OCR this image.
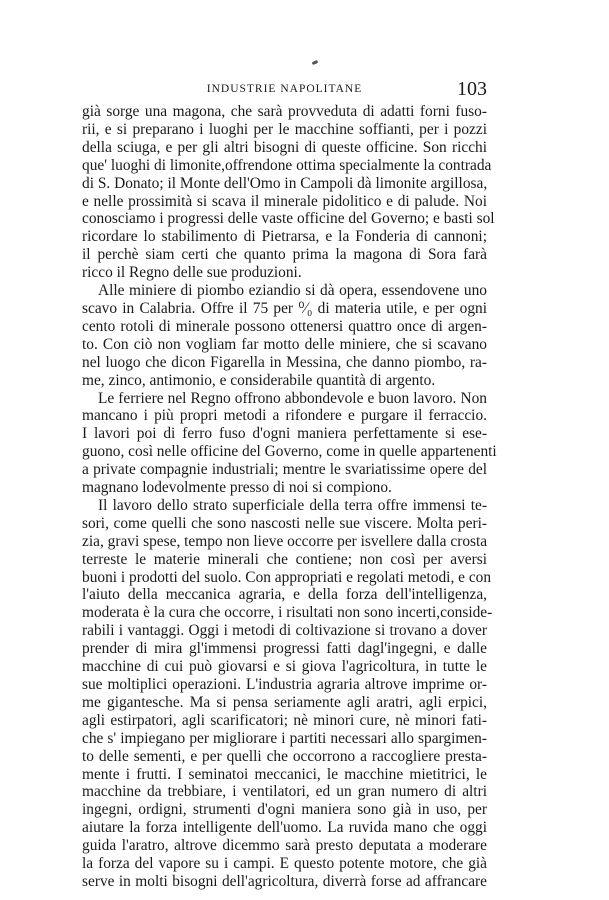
INDUSTRIE NAPOLITANE	103
già sorge una magona, che sarà provveduta di adatti forni fuso-
rii, e si preparano i luoghi per le macchine soffianti, per i pozzi
della sciuga, e per gli altri bisogni di queste officine. Son ricchi
que' luoghi di limonite,offrendone ottima specialmente la contrada
di S. Donato; il Monte dell'Omo in Campoli dà limonite argillosa,
e nelle prossimità si scava il minerale pidolitico e di palude. Noi
conosciamo i progressi delle vaste officine del Governo; e basti sol
ricordare lo stabilimento di Pietrarsa, e la Fonderia di cannoni;
il perchè siam certi che quanto prima la magona di Sora farà
ricco il Regno delle sue produzioni.
Alle miniere di piombo eziandio si dà opera, essendovene uno
scavo in Calabria. Offre il 75 per ⁰⁄₀ di materia utile, e per ogni
cento rotoli di minerale possono ottenersi quattro once di argen-
to. Con ciò non vogliam far motto delle miniere, che si scavano
nel luogo che dicon Figarella in Messina, che danno piombo, ra-
me, zinco, antimonio, e considerabile quantità di argento.
Le ferriere nel Regno offrono abbondevole e buon lavoro. Non
mancano i più propri metodi a rifondere e purgare il ferraccio.
I lavori poi di ferro fuso d'ogni maniera perfettamente si ese-
guono, così nelle officine del Governo, come in quelle appartenenti
a private compagnie industriali; mentre le svariatissime opere del
magnano lodevolmente presso di noi si compiono.
Il lavoro dello strato superficiale della terra offre immensi te-
sori, come quelli che sono nascosti nelle sue viscere. Molta peri-
zia, gravi spese, tempo non lieve occorre per isvellere dalla crosta
terreste le materie minerali che contiene; non così per aversi
buoni i prodotti del suolo. Con appropriati e regolati metodi, e con
l'aiuto della meccanica agraria, e della forza dell'intelligenza,
moderata è la cura che occorre, i risultati non sono incerti,conside-
rabili i vantaggi. Oggi i metodi di coltivazione si trovano a dover
prender di mira gl'immensi progressi fatti dagl'ingegni, e dalle
macchine di cui può giovarsi e si giova l'agricoltura, in tutte le
sue moltiplici operazioni. L'industria agraria altrove imprime or-
me gigantesche. Ma si pensa seriamente agli aratri, agli erpici,
agli estirpatori, agli scarificatori; nè minori cure, nè minori fati-
che s' impiegano per migliorare i partiti necessari allo spargimen-
to delle sementi, e per quelli che occorrono a raccogliere presta-
mente i frutti. I seminatoi meccanici, le macchine mietitrici, le
macchine da trebbiare, i ventilatori, ed un gran numero di altri
ingegni, ordigni, strumenti d'ogni maniera sono già in uso, per
aiutare la forza intelligente dell'uomo. La ruvida mano che oggi
guida l'aratro, altrove dicemmo sarà presto deputata a moderare
la forza del vapore su i campi. E questo potente motore, che già
serve in molti bisogni dell'agricoltura, diverrà forse ad affrancare
